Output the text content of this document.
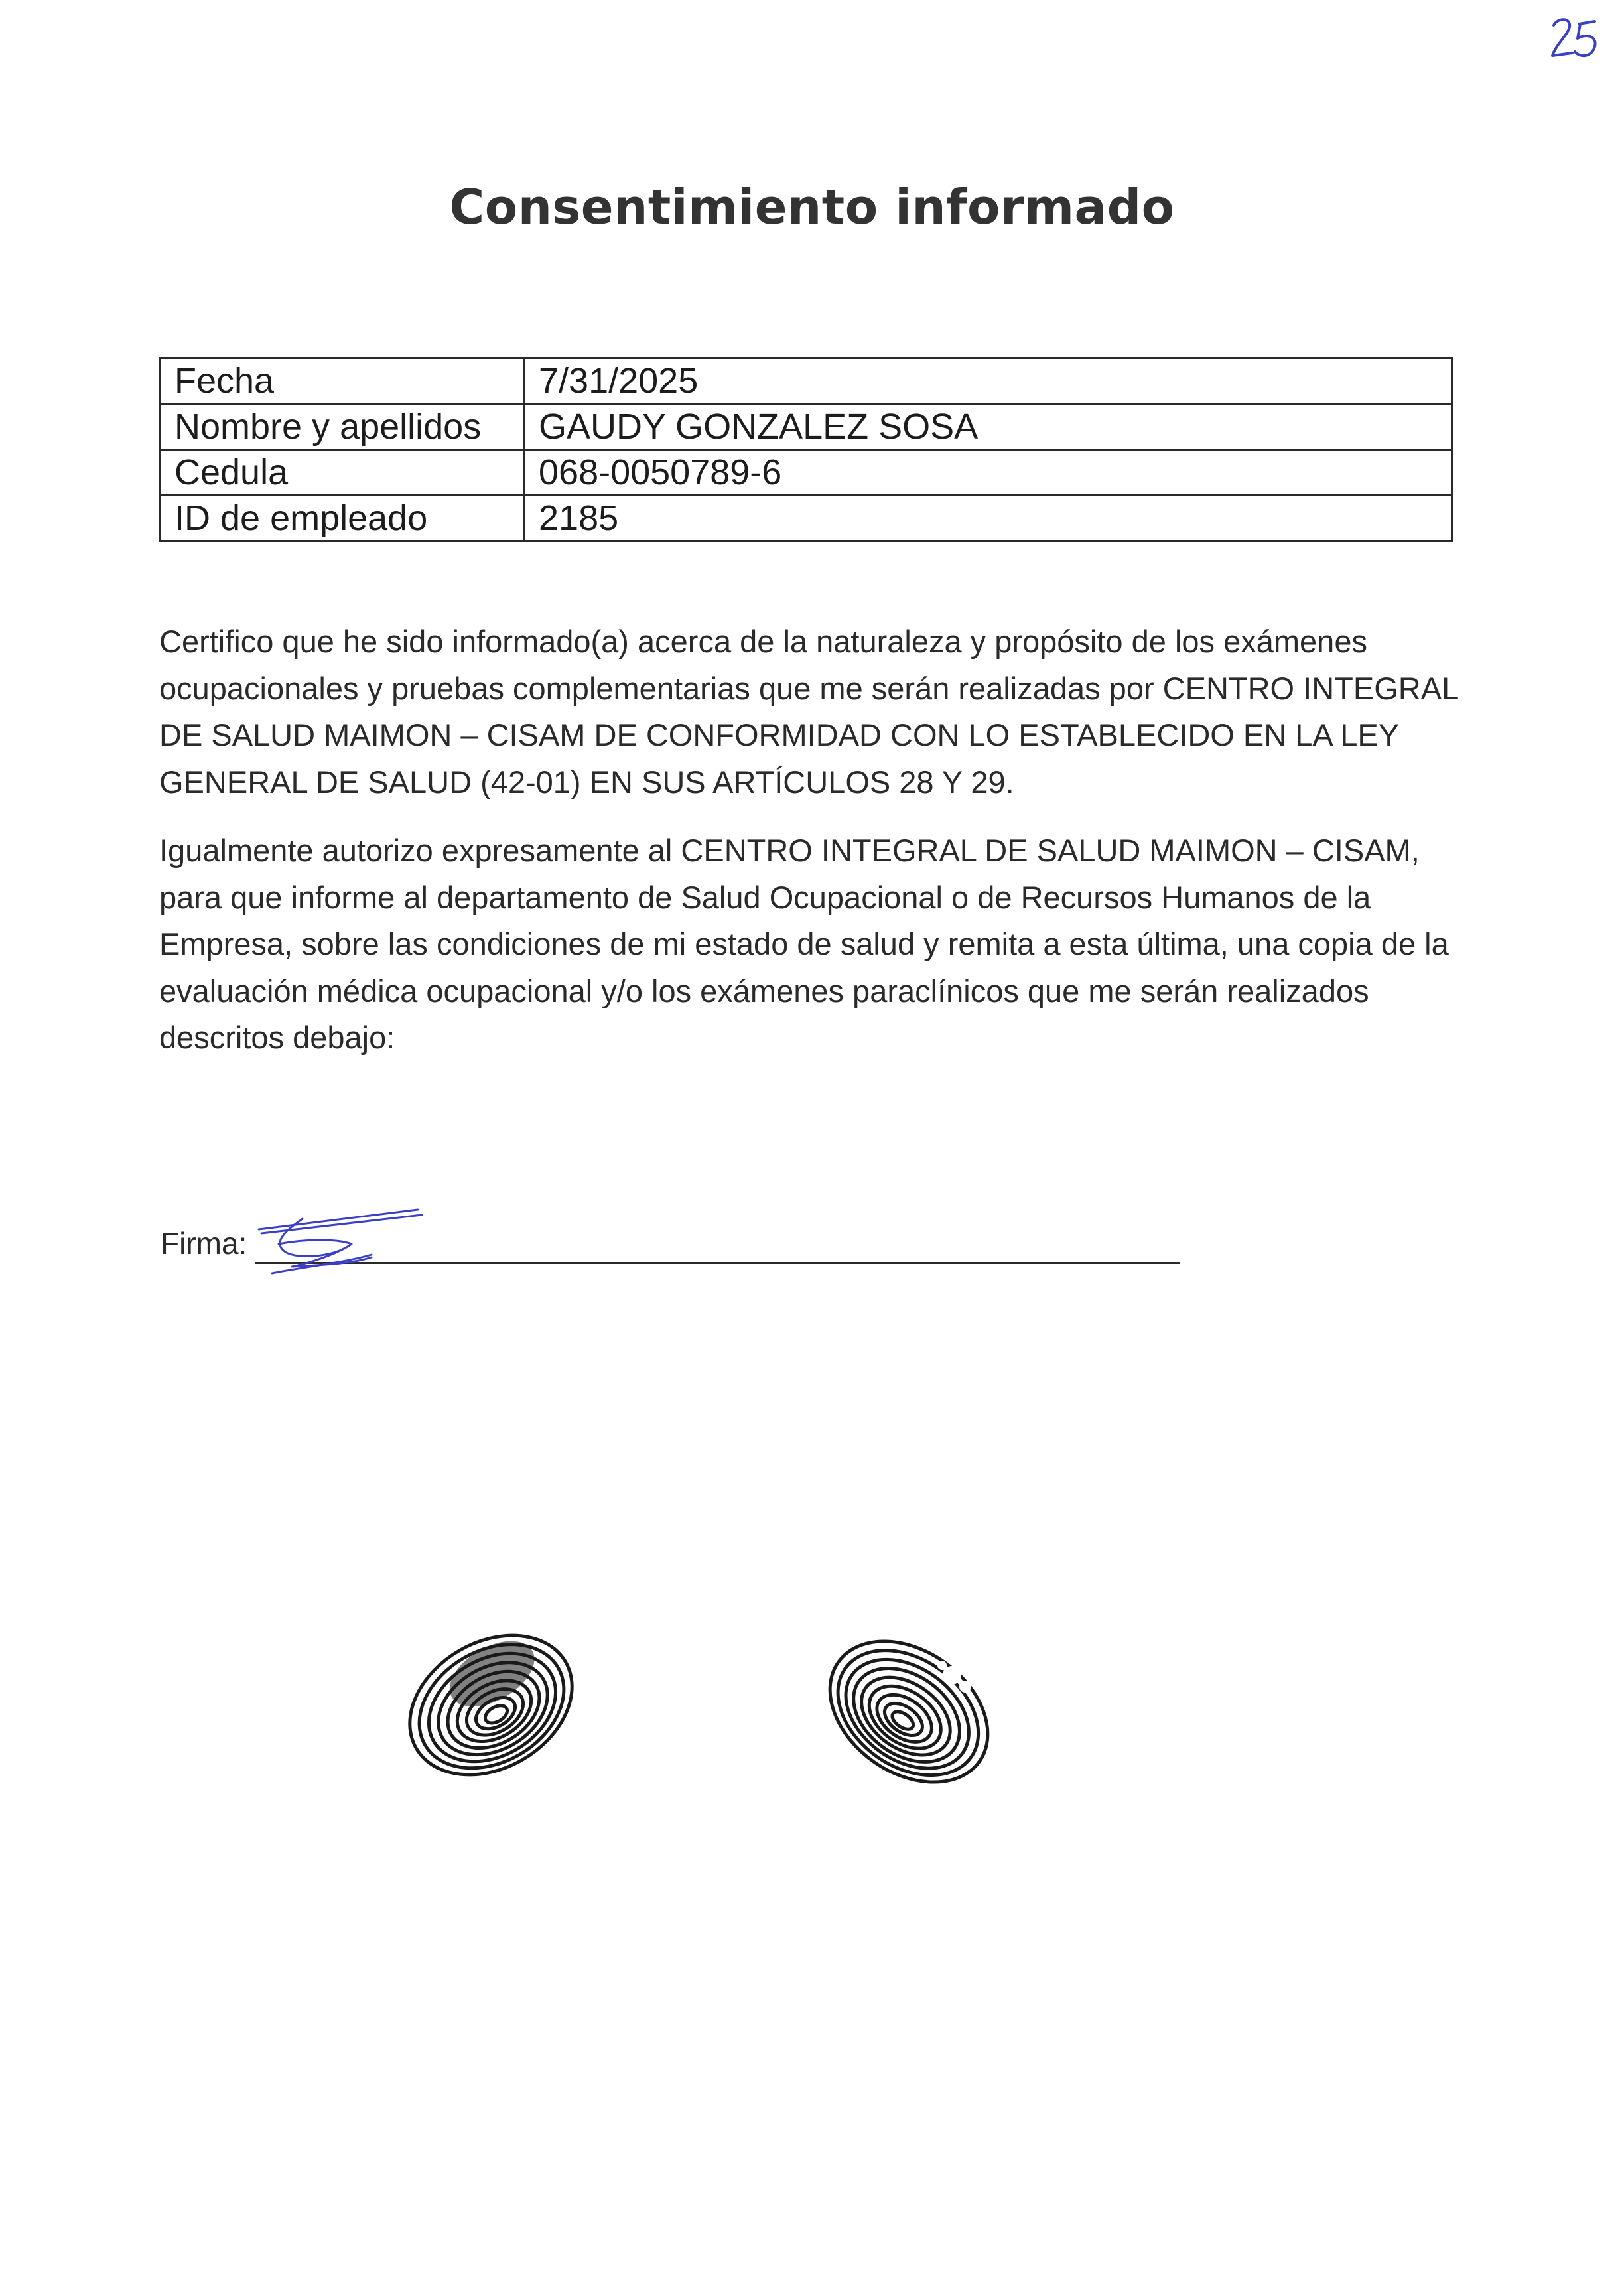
Consentimiento informado
Fecha	7/31/2025
Nombre y apellidos	GAUDY GONZALEZ SOSA
Cedula	068-0050789-6
ID de empleado	2185

Certifico que he sido informado(a) acerca de la naturaleza y propósito de los exámenes ocupacionales y pruebas complementarias que me serán realizadas por CENTRO INTEGRAL DE SALUD MAIMON – CISAM DE CONFORMIDAD CON LO ESTABLECIDO EN LA LEY GENERAL DE SALUD (42-01) EN SUS ARTÍCULOS 28 Y 29.

Igualmente autorizo expresamente al CENTRO INTEGRAL DE SALUD MAIMON – CISAM, para que informe al departamento de Salud Ocupacional o de Recursos Humanos de la Empresa, sobre las condiciones de mi estado de salud y remita a esta última, una copia de la evaluación médica ocupacional y/o los exámenes paraclínicos que me serán realizados descritos debajo:

Firma:
